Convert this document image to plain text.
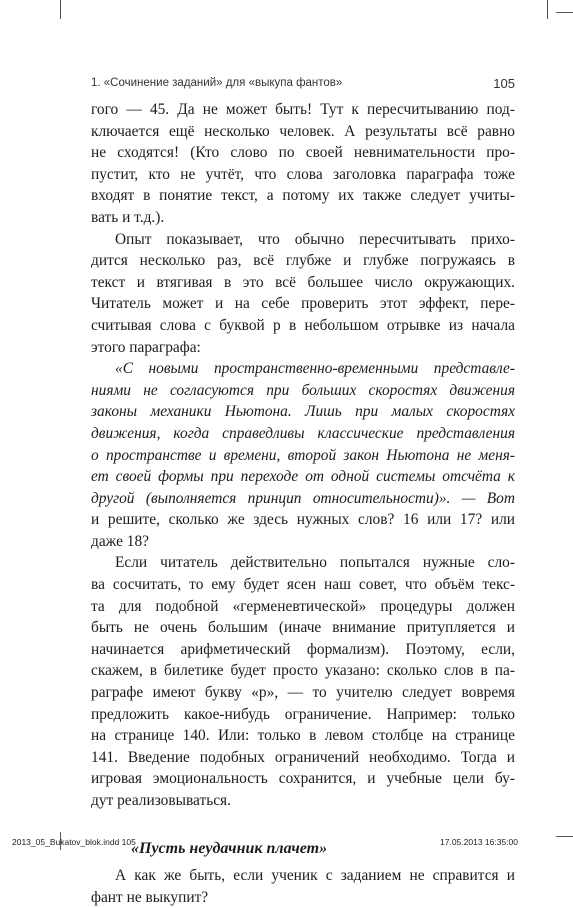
1. «Сочинение заданий» для «выкупа фантов»	105
гого — 45. Да не может быть! Тут к пересчитыванию под-
ключается ещё несколько человек. А результаты всё равно
не сходятся! (Кто слово по своей невнимательности про-
пустит, кто не учтёт, что слова заголовка параграфа тоже
входят в понятие текст, а потому их также следует учиты-
вать и т.д.).
Опыт показывает, что обычно пересчитывать прихо-
дится несколько раз, всё глубже и глубже погружаясь в
текст и втягивая в это всё большее число окружающих.
Читатель может и на себе проверить этот эффект, пере-
считывая слова с буквой р в небольшом отрывке из начала
этого параграфа:
«С новыми пространственно-временными представле-
ниями не согласуются при больших скоростях движения
законы механики Ньютона. Лишь при малых скоростях
движения, когда справедливы классические представления
о пространстве и времени, второй закон Ньютона не меня-
ет своей формы при переходе от одной системы отсчёта к
другой (выполняется принцип относительности)». — Вот
и решите, сколько же здесь нужных слов? 16 или 17? или
даже 18?
Если читатель действительно попытался нужные сло-
ва сосчитать, то ему будет ясен наш совет, что объём текс-
та для подобной «герменевтической» процедуры должен
быть не очень большим (иначе внимание притупляется и
начинается арифметический формализм). Поэтому, если,
скажем, в билетике будет просто указано: сколько слов в па-
раграфе имеют букву «р», — то учителю следует вовремя
предложить какое-нибудь ограничение. Например: только
на странице 140. Или: только в левом столбце на странице
141. Введение подобных ограничений необходимо. Тогда и
игровая эмоциональность сохранится, и учебные цели бу-
дут реализовываться.
«Пусть неудачник плачет»
А как же быть, если ученик с заданием не справится и
фант не выкупит?
2013_05_Bukatov_blok.indd 105	17.05.2013 16:35:00
